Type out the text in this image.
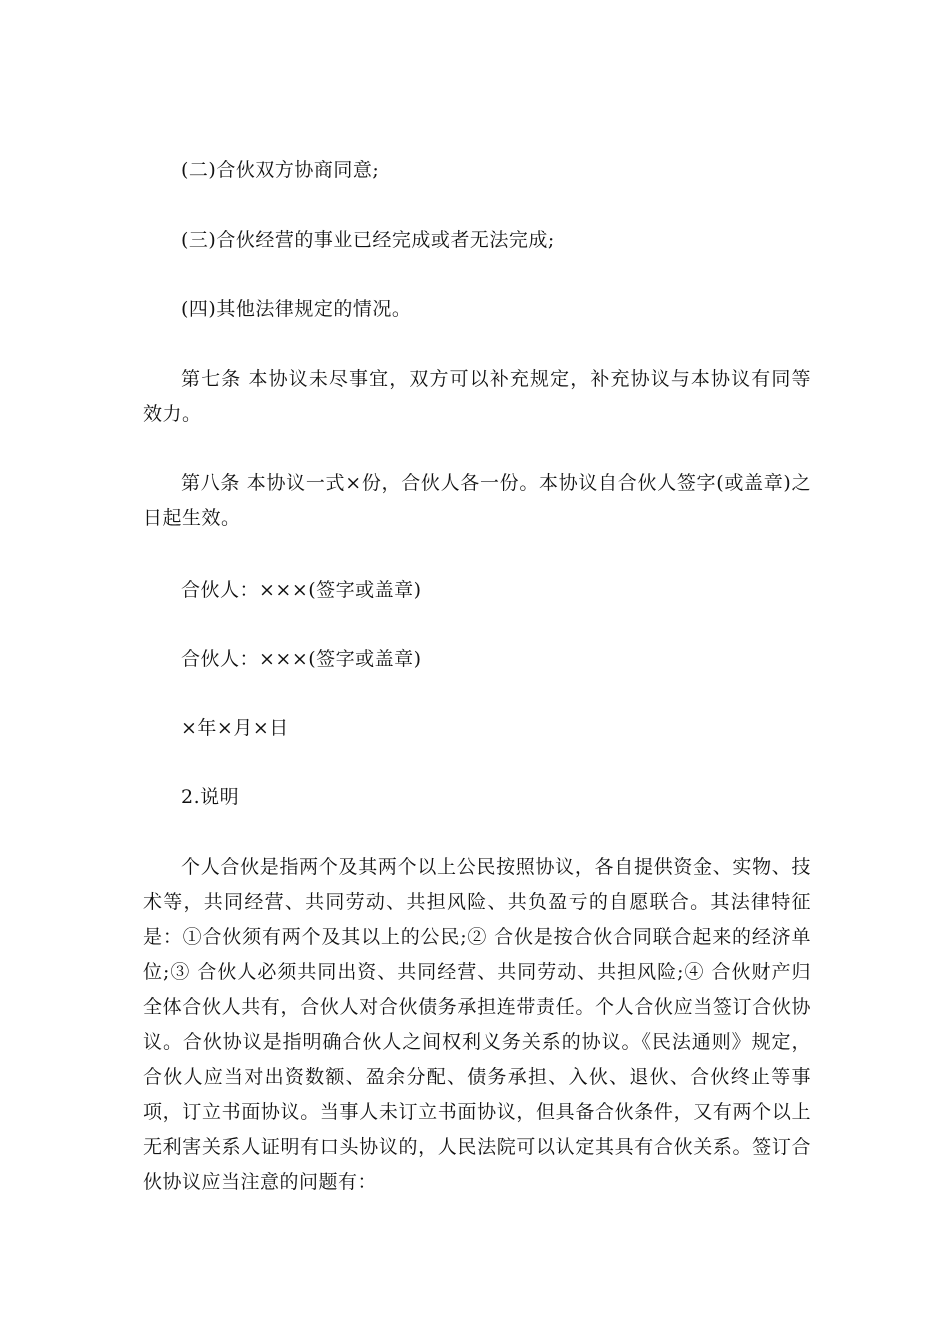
(二)合伙双方协商同意;

(三)合伙经营的事业已经完成或者无法完成;

(四)其他法律规定的情况。

第七条 本协议未尽事宜，双方可以补充规定，补充协议与本协议有同等效力。

第八条 本协议一式×份，合伙人各一份。本协议自合伙人签字(或盖章)之日起生效。

合伙人：×××(签字或盖章)

合伙人：×××(签字或盖章)

×年×月×日

2.说明

个人合伙是指两个及其两个以上公民按照协议，各自提供资金、实物、技术等，共同经营、共同劳动、共担风险、共负盈亏的自愿联合。其法律特征是：①合伙须有两个及其以上的公民;② 合伙是按合伙合同联合起来的经济单位;③ 合伙人必须共同出资、共同经营、共同劳动、共担风险;④ 合伙财产归全体合伙人共有，合伙人对合伙债务承担连带责任。个人合伙应当签订合伙协议。合伙协议是指明确合伙人之间权利义务关系的协议。《民法通则》规定，合伙人应当对出资数额、盈余分配、债务承担、入伙、退伙、合伙终止等事项，订立书面协议。当事人未订立书面协议，但具备合伙条件，又有两个以上无利害关系人证明有口头协议的，人民法院可以认定其具有合伙关系。签订合伙协议应当注意的问题有：
